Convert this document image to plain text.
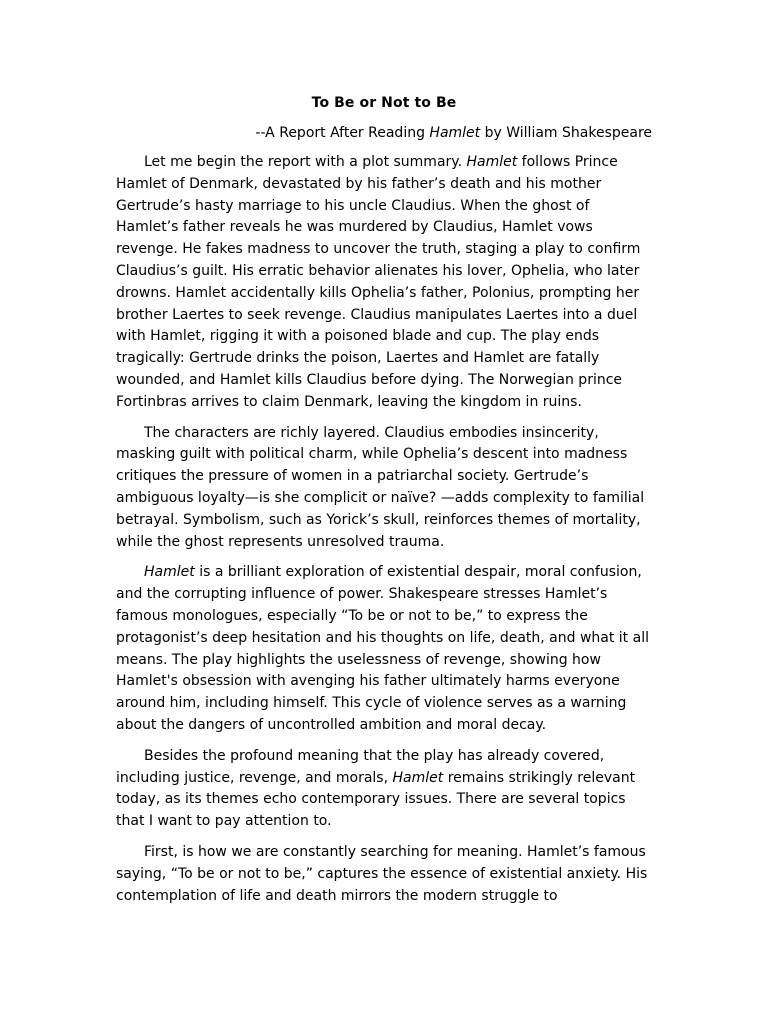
To Be or Not to Be　
--A Report After Reading Hamlet by William Shakespeare

Let me begin the report with a plot summary. Hamlet follows Prince Hamlet of Denmark, devastated by his father’s death and his mother Gertrude’s hasty marriage to his uncle Claudius. When the ghost of Hamlet’s father reveals he was murdered by Claudius, Hamlet vows revenge. He fakes madness to uncover the truth, staging a play to confirm Claudius’s guilt. His erratic behavior alienates his lover, Ophelia, who later drowns. Hamlet accidentally kills Ophelia’s father, Polonius, prompting her brother Laertes to seek revenge. Claudius manipulates Laertes into a duel with Hamlet, rigging it with a poisoned blade and cup. The play ends tragically: Gertrude drinks the poison, Laertes and Hamlet are fatally wounded, and Hamlet kills Claudius before dying. The Norwegian prince Fortinbras arrives to claim Denmark, leaving the kingdom in ruins.

The characters are richly layered. Claudius embodies insincerity, masking guilt with political charm, while Ophelia’s descent into madness critiques the pressure of women in a patriarchal society. Gertrude’s ambiguous loyalty—is she complicit or naïve? —adds complexity to familial betrayal. Symbolism, such as Yorick’s skull, reinforces themes of mortality, while the ghost represents unresolved trauma.

Hamlet is a brilliant exploration of existential despair, moral confusion, and the corrupting influence of power. Shakespeare stresses Hamlet’s famous monologues, especially “To be or not to be,” to express the protagonist’s deep hesitation and his thoughts on life, death, and what it all means. The play highlights the uselessness of revenge, showing how Hamlet's obsession with avenging his father ultimately harms everyone around him, including himself. This cycle of violence serves as a warning about the dangers of uncontrolled ambition and moral decay.

Besides the profound meaning that the play has already covered, including justice, revenge, and morals, Hamlet remains strikingly relevant today, as its themes echo contemporary issues. There are several topics that I want to pay attention to.

First, is how we are constantly searching for meaning. Hamlet’s famous saying, “To be or not to be,” captures the essence of existential anxiety. His contemplation of life and death mirrors the modern struggle to
